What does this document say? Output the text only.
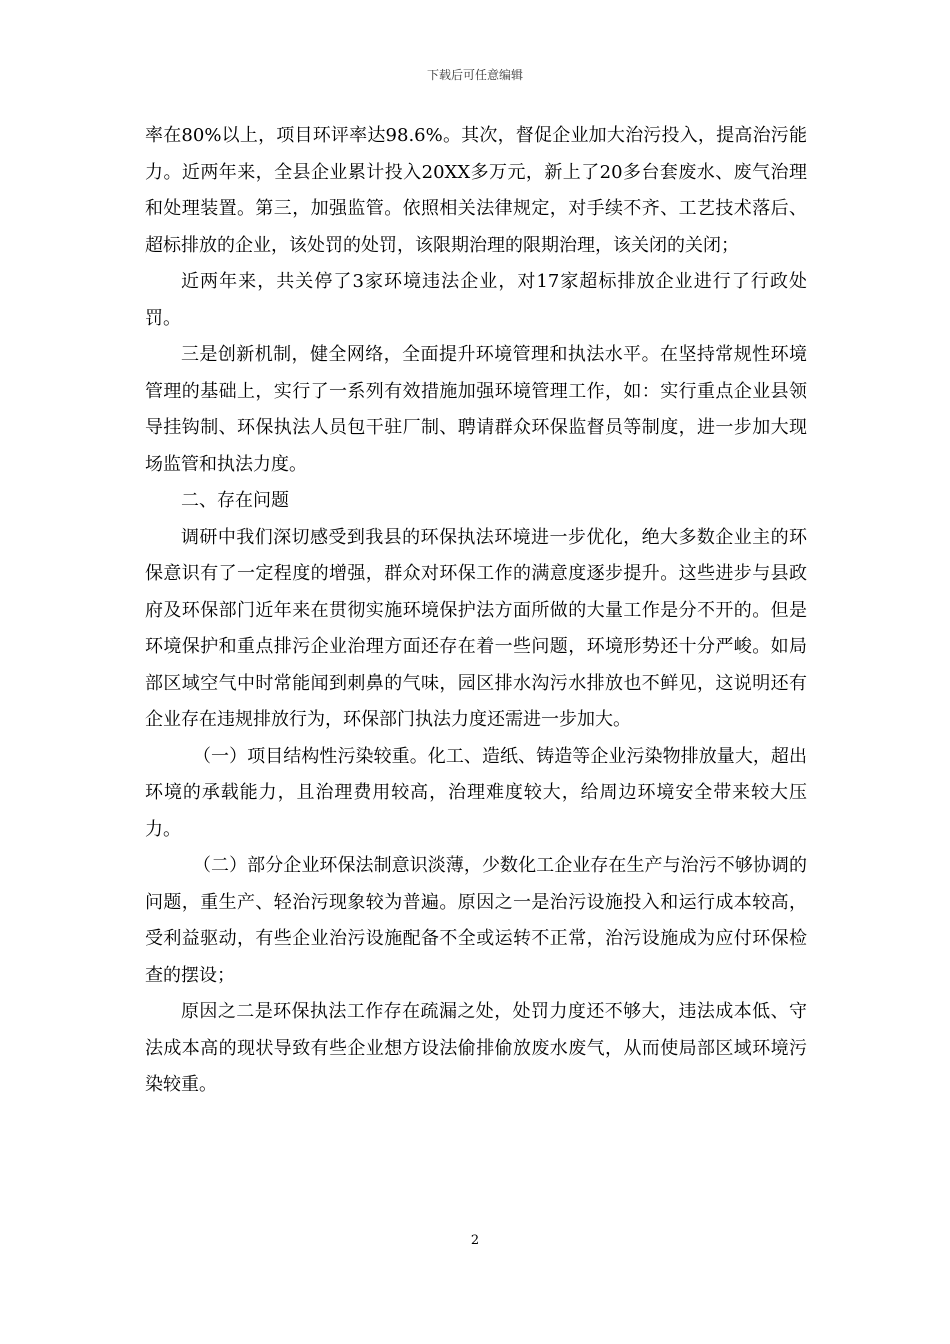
下载后可任意编辑

率在80%以上，项目环评率达98.6%。其次，督促企业加大治污投入，提高治污能力。近两年来，全县企业累计投入20XX多万元，新上了20多台套废水、废气治理和处理装置。第三，加强监管。依照相关法律规定，对手续不齐、工艺技术落后、超标排放的企业，该处罚的处罚，该限期治理的限期治理，该关闭的关闭；

近两年来，共关停了3家环境违法企业，对17家超标排放企业进行了行政处罚。

三是创新机制，健全网络，全面提升环境管理和执法水平。在坚持常规性环境管理的基础上，实行了一系列有效措施加强环境管理工作，如：实行重点企业县领导挂钩制、环保执法人员包干驻厂制、聘请群众环保监督员等制度，进一步加大现场监管和执法力度。

二、存在问题

调研中我们深切感受到我县的环保执法环境进一步优化，绝大多数企业主的环保意识有了一定程度的增强，群众对环保工作的满意度逐步提升。这些进步与县政府及环保部门近年来在贯彻实施环境保护法方面所做的大量工作是分不开的。但是环境保护和重点排污企业治理方面还存在着一些问题，环境形势还十分严峻。如局部区域空气中时常能闻到刺鼻的气味，园区排水沟污水排放也不鲜见，这说明还有企业存在违规排放行为，环保部门执法力度还需进一步加大。

（一）项目结构性污染较重。化工、造纸、铸造等企业污染物排放量大，超出环境的承载能力，且治理费用较高，治理难度较大，给周边环境安全带来较大压力。

（二）部分企业环保法制意识淡薄，少数化工企业存在生产与治污不够协调的问题，重生产、轻治污现象较为普遍。原因之一是治污设施投入和运行成本较高，受利益驱动，有些企业治污设施配备不全或运转不正常，治污设施成为应付环保检查的摆设；

原因之二是环保执法工作存在疏漏之处，处罚力度还不够大，违法成本低、守法成本高的现状导致有些企业想方设法偷排偷放废水废气，从而使局部区域环境污染较重。

2
